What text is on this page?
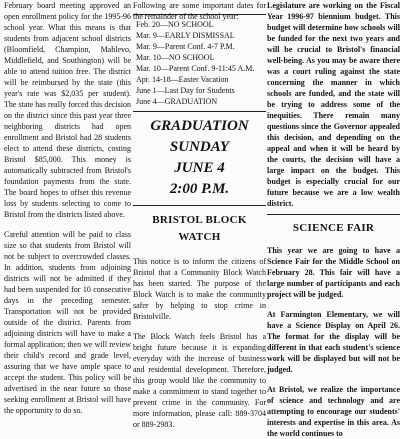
February board meeting approved an open enrollment policy for the 1995-96 school year. What this means is that students from adjacent school districts (Bloomfield, Champion, Mahlevo, Middlefield, and Southington) will be able to attend tuition free. The district will be reimbursed by the state (this year's rate was $2,035 per student). The state has really forced this decision on the district since this past year three neighboring districts had open enrollment and Bristol had 28 students elect to attend these districts, costing Bristol $85,000. This money is automatically subtracted from Bristol's foundation payments from the state. The board hopes to offset this revenue loss by students selecting to come to Bristol from the districts listed above.

Careful attention will be paid to class size so that students from Bristol will not be subject to overcrowded classes. In addition, students from adjoining districts will not be admitted if they had been suspended for 10 consecutive days in the preceding semester. Transportation will not be provided outside of the district. Parents from adjoining districts will have to make a formal application; then we will review their child's record and grade level, assuring that we have ample space to accept the student. This policy will be advertised in the near future so those seeking enrollment at Bristol will have the opportunity to do so.

Following are some important dates for the remainder of the school year:

Feb. 20—NO SCHOOL
Mar. 9—EARLY DISMISSAL
Mar. 9—Parent Conf. 4-7 P.M.
Mar. 10—NO SCHOOL
Mar. 10—Parent Conf. 9-11:45 A.M.
Apr. 14-18—Easter Vacation
June 1—Last Day for Students
June 4—GRADUATION

GRADUATION

SUNDAY

JUNE 4

2:00 P.M.

BRISTOL BLOCK

WATCH

This notice is to inform the citizens of Bristol that a Community Block Watch has been started. The purpose of the Block Watch is to make the community safer by helping to stop crime in Bristolville.

The Block Watch feels Bristol has a bright future because it is expanding everyday with the increase of business and residential development. Therefore, this group would like the community to make a commitment to stand together to prevent crime in the community. For more information, please call: 889-3704 or 889-2983.

Legislature are working on the Fiscal Year 1996-97 biennium budget. This budget will determine how schools will be funded for the next two years and will be crucial to Bristol's financial well-being. As you may be aware there was a court ruling against the state concerning the manner in which schools are funded, and the state will be trying to address some of the inequities. There remain many questions since the Governor appealed this decision, and depending on the appeal and when it will be heard by the courts, the decision will have a large impact on the budget. This budget is especially crucial for our future because we are a low wealth district.

SCIENCE FAIR

This year we are going to have a Science Fair for the Middle School on February 28. This fair will have a large number of participants and each project will be judged.

At Farmington Elementary, we will have a Science Display on April 26. The format for the display will be different in that each student's science work will be displayed but will not be judged.

At Bristol, we realize the importance of science and technology and are attempting to encourage our students' interests and expertise in this area. As the world continues to
